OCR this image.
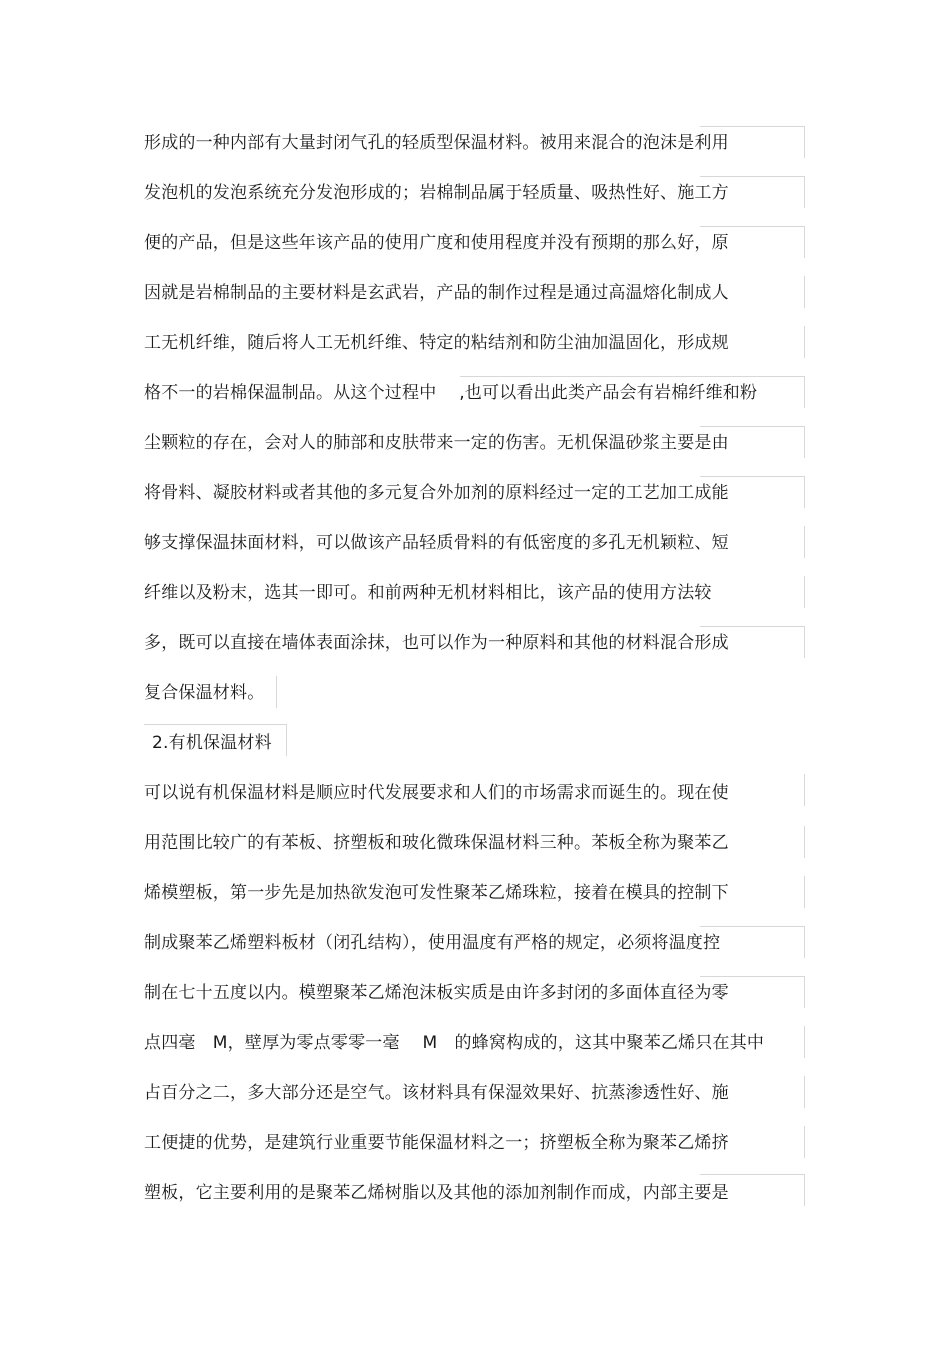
形成的一种内部有大量封闭气孔的轻质型保温材料。被用来混合的泡沫是利用
发泡机的发泡系统充分发泡形成的；岩棉制品属于轻质量、吸热性好、施工方
便的产品，但是这些年该产品的使用广度和使用程度并没有预期的那么好，原
因就是岩棉制品的主要材料是玄武岩，产品的制作过程是通过高温熔化制成人
工无机纤维，随后将人工无机纤维、特定的粘结剂和防尘油加温固化，形成规
格不一的岩棉保温制品。从这个过程中　 ,也可以看出此类产品会有岩棉纤维和粉
尘颗粒的存在，会对人的肺部和皮肤带来一定的伤害。无机保温砂浆主要是由
将骨料、凝胶材料或者其他的多元复合外加剂的原料经过一定的工艺加工成能
够支撑保温抹面材料，可以做该产品轻质骨料的有低密度的多孔无机颖粒、短
纤维以及粉末，选其一即可。和前两种无机材料相比，该产品的使用方法较
多，既可以直接在墙体表面涂抹，也可以作为一种原料和其他的材料混合形成
复合保温材料。
2.有机保温材料
可以说有机保温材料是顺应时代发展要求和人们的市场需求而诞生的。现在使
用范围比较广的有苯板、挤塑板和玻化微珠保温材料三种。苯板全称为聚苯乙
烯模塑板，第一步先是加热欲发泡可发性聚苯乙烯珠粒，接着在模具的控制下
制成聚苯乙烯塑料板材（闭孔结构），使用温度有严格的规定，必须将温度控
制在七十五度以内。模塑聚苯乙烯泡沫板实质是由许多封闭的多面体直径为零
点四毫　M，壁厚为零点零零一毫　 M　的蜂窝构成的，这其中聚苯乙烯只在其中
占百分之二，多大部分还是空气。该材料具有保湿效果好、抗蒸渗透性好、施
工便捷的优势，是建筑行业重要节能保温材料之一；挤塑板全称为聚苯乙烯挤
塑板，它主要利用的是聚苯乙烯树脂以及其他的添加剂制作而成，内部主要是
